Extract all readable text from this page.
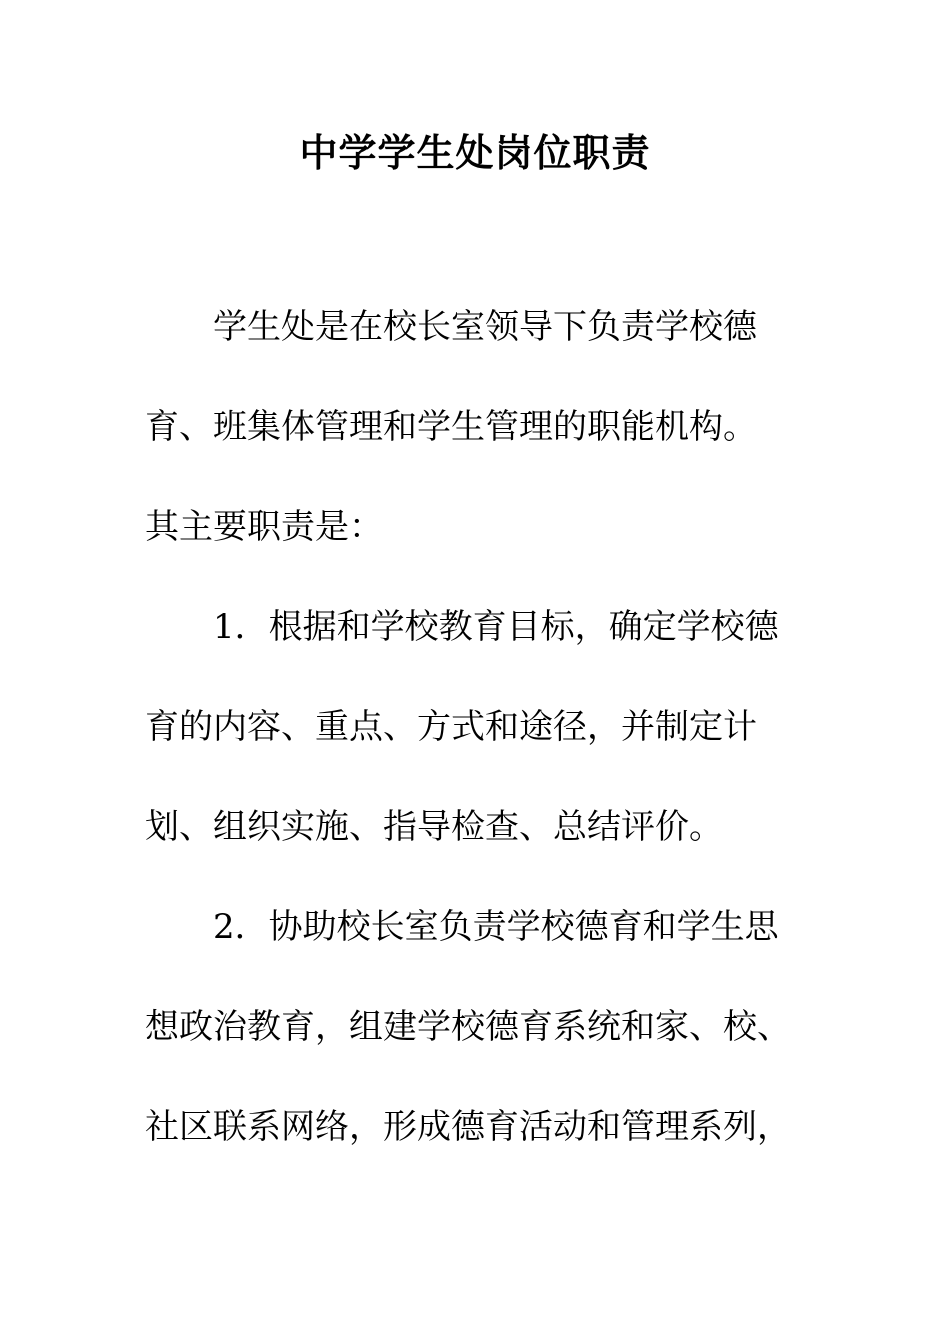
中学学生处岗位职责
学生处是在校长室领导下负责学校德
育、班集体管理和学生管理的职能机构。
其主要职责是：
1．根据和学校教育目标，确定学校德
育的内容、重点、方式和途径，并制定计
划、组织实施、指导检查、总结评价。
2．协助校长室负责学校德育和学生思
想政治教育，组建学校德育系统和家、校、
社区联系网络，形成德育活动和管理系列，
